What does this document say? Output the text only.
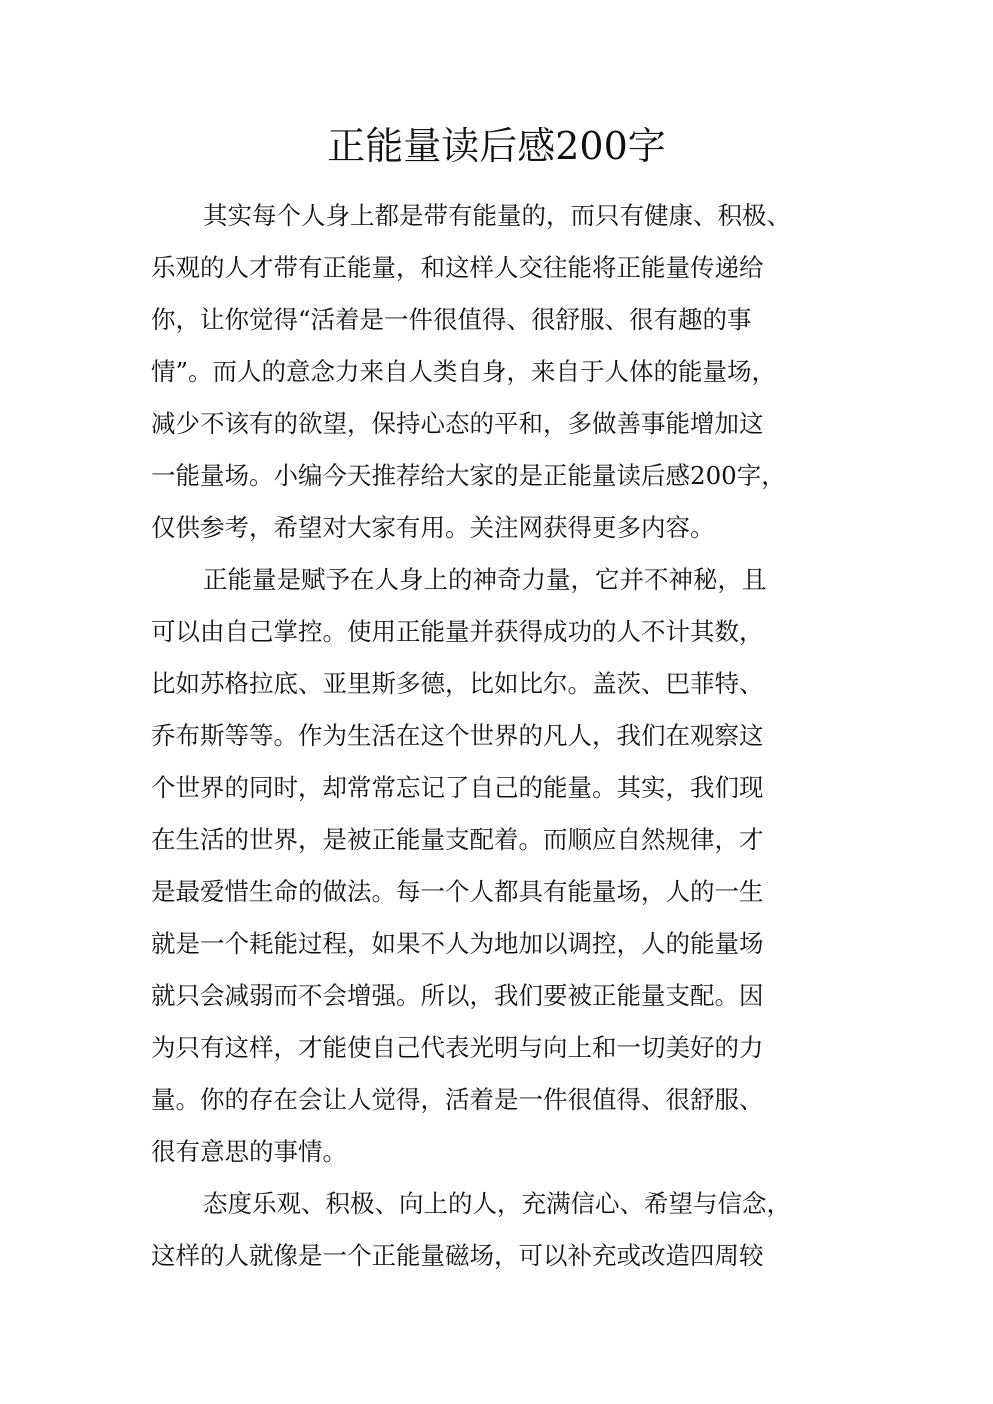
正能量读后感200字
其实每个人身上都是带有能量的，而只有健康、积极、
乐观的人才带有正能量，和这样人交往能将正能量传递给
你，让你觉得“活着是一件很值得、很舒服、很有趣的事
情”。而人的意念力来自人类自身，来自于人体的能量场，
减少不该有的欲望，保持心态的平和，多做善事能增加这
一能量场。小编今天推荐给大家的是正能量读后感200字，
仅供参考，希望对大家有用。关注网获得更多内容。
正能量是赋予在人身上的神奇力量，它并不神秘，且
可以由自己掌控。使用正能量并获得成功的人不计其数，
比如苏格拉底、亚里斯多德，比如比尔。盖茨、巴菲特、
乔布斯等等。作为生活在这个世界的凡人，我们在观察这
个世界的同时，却常常忘记了自己的能量。其实，我们现
在生活的世界，是被正能量支配着。而顺应自然规律，才
是最爱惜生命的做法。每一个人都具有能量场，人的一生
就是一个耗能过程，如果不人为地加以调控，人的能量场
就只会减弱而不会增强。所以，我们要被正能量支配。因
为只有这样，才能使自己代表光明与向上和一切美好的力
量。你的存在会让人觉得，活着是一件很值得、很舒服、
很有意思的事情。
态度乐观、积极、向上的人，充满信心、希望与信念，
这样的人就像是一个正能量磁场，可以补充或改造四周较
